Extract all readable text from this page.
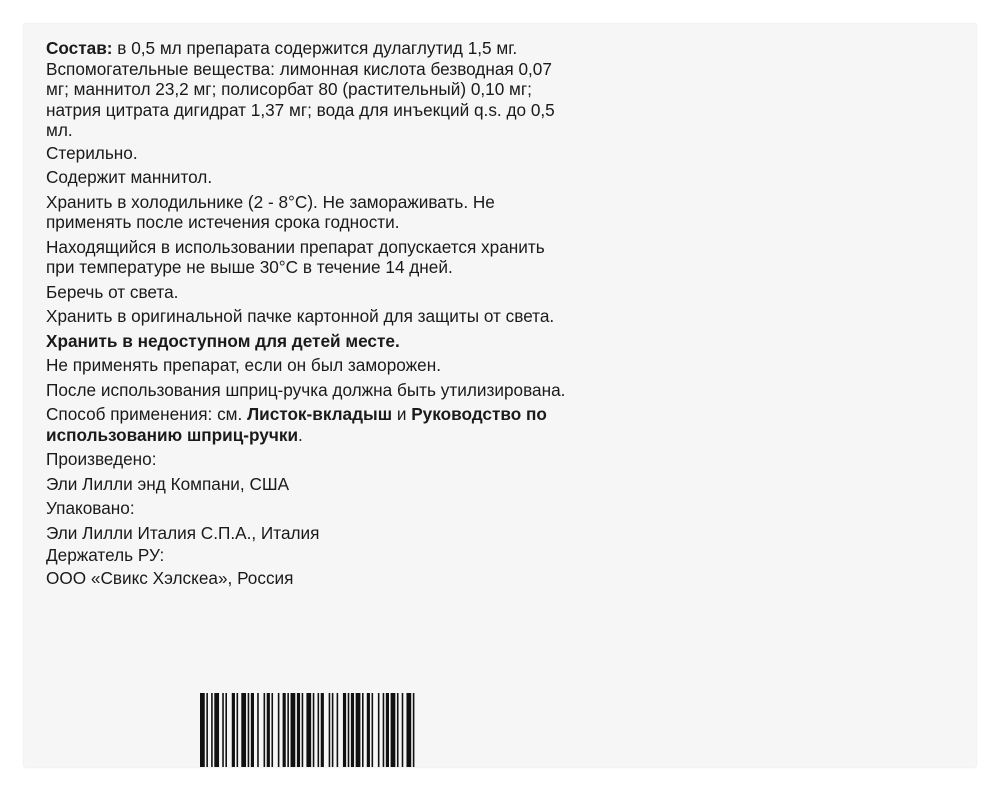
Состав: в 0,5 мл препарата содержится дулаглутид 1,5 мг. Вспомогательные вещества: лимонная кислота безводная 0,07 мг; маннитол 23,2 мг; полисорбат 80 (растительный) 0,10 мг; натрия цитрата дигидрат 1,37 мг; вода для инъекций q.s. до 0,5 мл.

Стерильно.

Содержит маннитол.

Хранить в холодильнике (2 - 8°С). Не замораживать. Не применять после истечения срока годности.

Находящийся в использовании препарат допускается хранить при температуре не выше 30°С в течение 14 дней.

Беречь от света.

Хранить в оригинальной пачке картонной для защиты от света.

Хранить в недоступном для детей месте.

Не применять препарат, если он был заморожен.

После использования шприц-ручка должна быть утилизирована.

Способ применения: см. Листок-вкладыш и Руководство по использованию шприц-ручки.

Произведено:

Эли Лилли энд Компани, США

Упаковано:

Эли Лилли Италия С.П.А., Италия

Держатель РУ:

ООО «Свикс Хэлскеа», Россия
